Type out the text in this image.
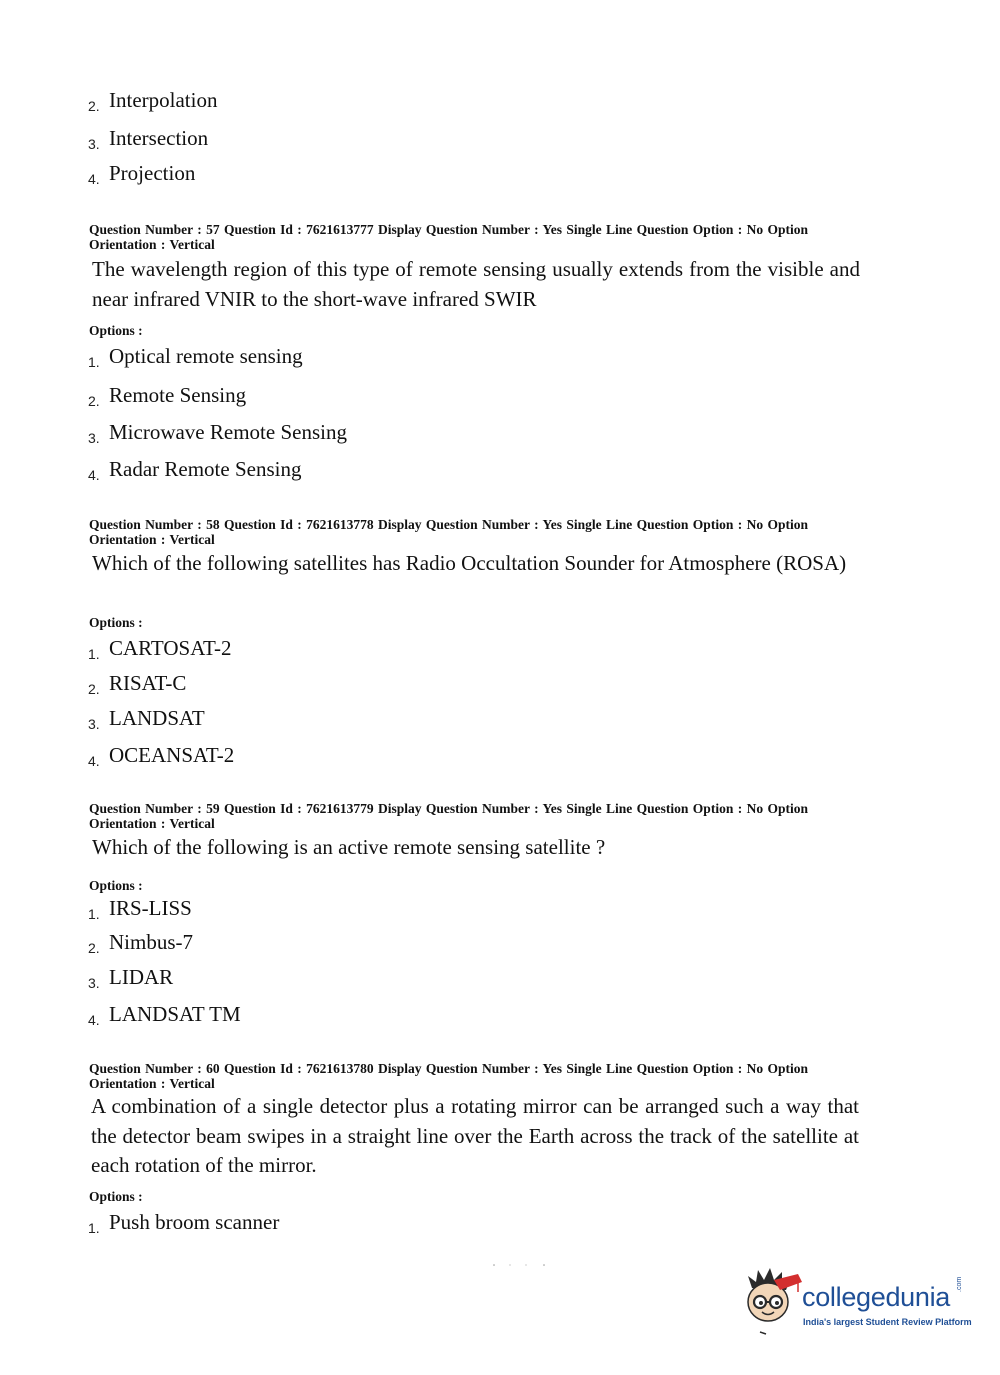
2. Interpolation
3. Intersection
4. Projection
Question Number : 57 Question Id : 7621613777 Display Question Number : Yes Single Line Question Option : No Option Orientation : Vertical
The wavelength region of this type of remote sensing usually extends from the visible and near infrared VNIR to the short-wave infrared SWIR
Options :
1. Optical remote sensing
2. Remote Sensing
3. Microwave Remote Sensing
4. Radar Remote Sensing
Question Number : 58 Question Id : 7621613778 Display Question Number : Yes Single Line Question Option : No Option Orientation : Vertical
Which of the following satellites has Radio Occultation Sounder for Atmosphere (ROSA)
Options :
1. CARTOSAT-2
2. RISAT-C
3. LANDSAT
4. OCEANSAT-2
Question Number : 59 Question Id : 7621613779 Display Question Number : Yes Single Line Question Option : No Option Orientation : Vertical
Which of the following is an active remote sensing satellite ?
Options :
1. IRS-LISS
2. Nimbus-7
3. LIDAR
4. LANDSAT TM
Question Number : 60 Question Id : 7621613780 Display Question Number : Yes Single Line Question Option : No Option Orientation : Vertical
A combination of a single detector plus a rotating mirror can be arranged such a way that the detector beam swipes in a straight line over the Earth across the track of the satellite at each rotation of the mirror.
Options :
1. Push broom scanner
collegedunia .com
India's largest Student Review Platform
